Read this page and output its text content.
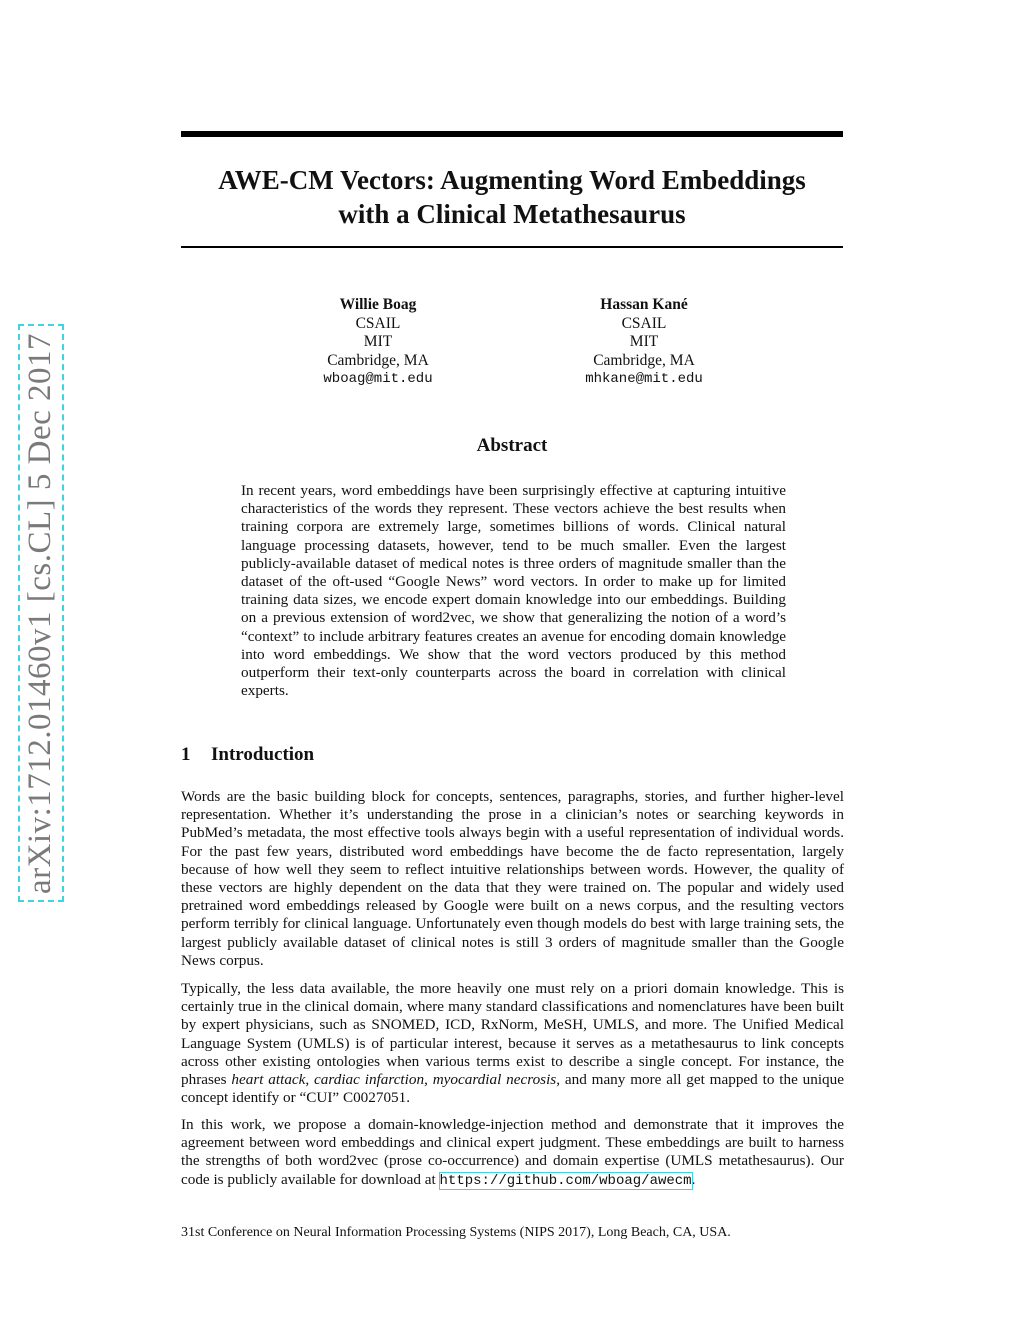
arXiv:1712.01460v1 [cs.CL] 5 Dec 2017
AWE-CM Vectors: Augmenting Word Embeddings
with a Clinical Metathesaurus
Willie Boag
CSAIL
MIT
Cambridge, MA
wboag@mit.edu
Hassan Kané
CSAIL
MIT
Cambridge, MA
mhkane@mit.edu
Abstract

In recent years, word embeddings have been surprisingly effective at capturing intuitive characteristics of the words they represent. These vectors achieve the best results when training corpora are extremely large, sometimes billions of words. Clinical natural language processing datasets, however, tend to be much smaller. Even the largest publicly-available dataset of medical notes is three orders of magnitude smaller than the dataset of the oft-used “Google News” word vectors. In order to make up for limited training data sizes, we encode expert domain knowledge into our embeddings. Building on a previous extension of word2vec, we show that generalizing the notion of a word’s “context” to include arbitrary features creates an avenue for encoding domain knowledge into word embeddings. We show that the word vectors produced by this method outperform their text-only counterparts across the board in correlation with clinical experts.

1 Introduction

Words are the basic building block for concepts, sentences, paragraphs, stories, and further higher-level representation. Whether it’s understanding the prose in a clinician’s notes or searching keywords in PubMed’s metadata, the most effective tools always begin with a useful representation of individual words. For the past few years, distributed word embeddings have become the de facto representation, largely because of how well they seem to reflect intuitive relationships between words. However, the quality of these vectors are highly dependent on the data that they were trained on. The popular and widely used pretrained word embeddings released by Google were built on a news corpus, and the resulting vectors perform terribly for clinical language. Unfortunately even though models do best with large training sets, the largest publicly available dataset of clinical notes is still 3 orders of magnitude smaller than the Google News corpus.

Typically, the less data available, the more heavily one must rely on a priori domain knowledge. This is certainly true in the clinical domain, where many standard classifications and nomenclatures have been built by expert physicians, such as SNOMED, ICD, RxNorm, MeSH, UMLS, and more. The Unified Medical Language System (UMLS) is of particular interest, because it serves as a metathesaurus to link concepts across other existing ontologies when various terms exist to describe a single concept. For instance, the phrases heart attack, cardiac infarction, myocardial necrosis, and many more all get mapped to the unique concept identify or “CUI” C0027051.

In this work, we propose a domain-knowledge-injection method and demonstrate that it improves the agreement between word embeddings and clinical expert judgment. These embeddings are built to harness the strengths of both word2vec (prose co-occurrence) and domain expertise (UMLS metathesaurus). Our code is publicly available for download at https://github.com/wboag/awecm.

31st Conference on Neural Information Processing Systems (NIPS 2017), Long Beach, CA, USA.
